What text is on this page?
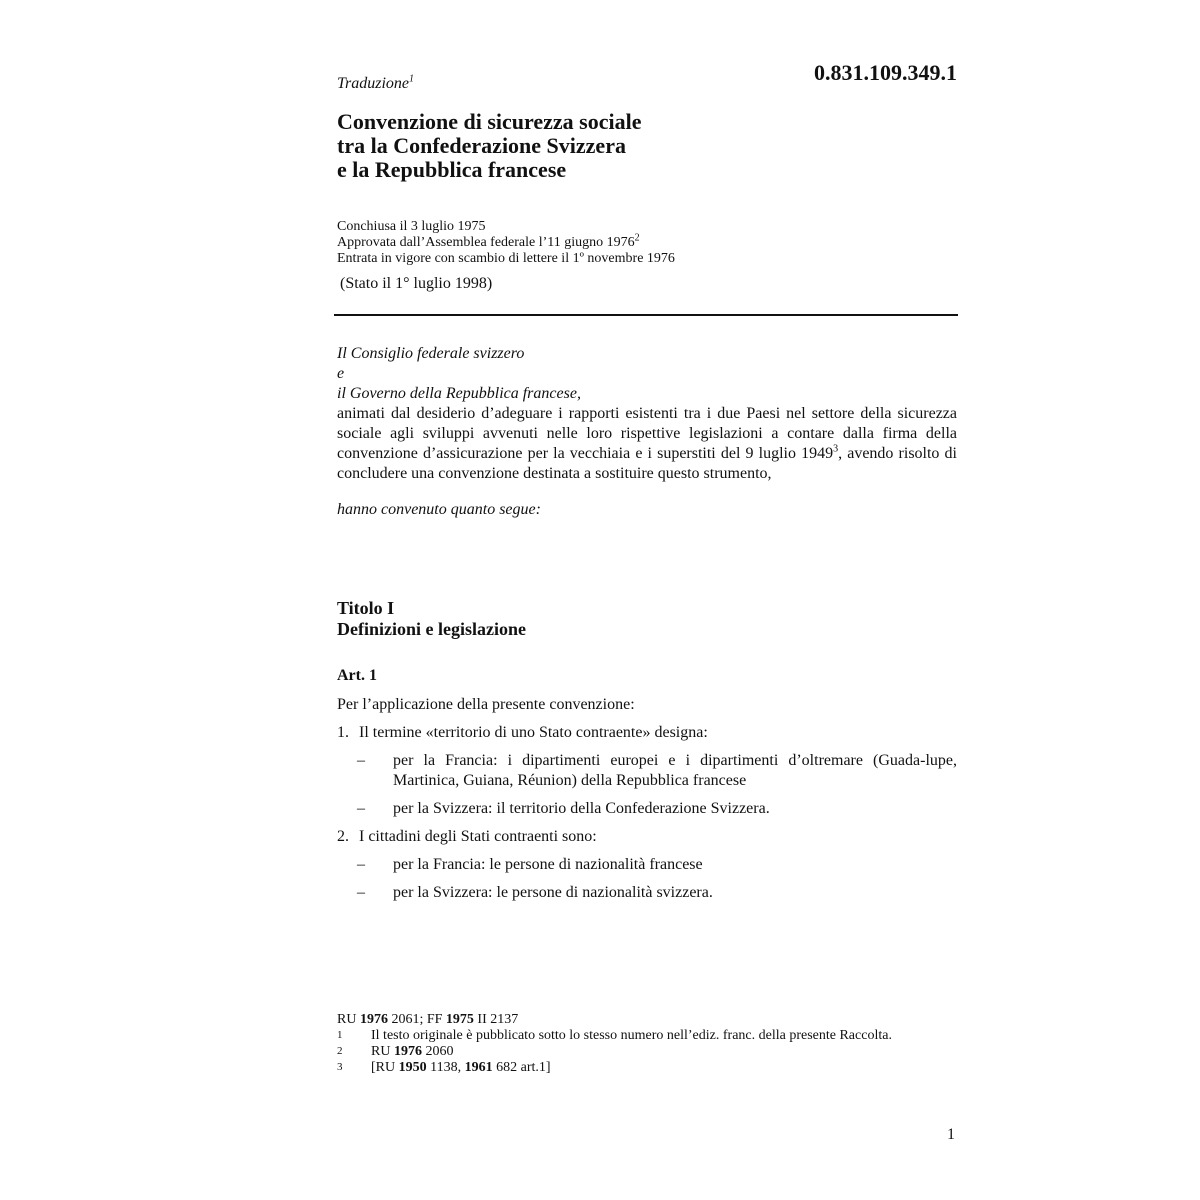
Traduzione$^1$	0.831.109.349.1
Convenzione di sicurezza sociale
tra la Confederazione Svizzera
e la Repubblica francese
Conchiusa il 3 luglio 1975
Approvata dall’Assemblea federale l’11 giugno 1976$^2$
Entrata in vigore con scambio di lettere il 1º novembre 1976
(Stato il 1° luglio 1998)
Il Consiglio federale svizzero
e
il Governo della Repubblica francese,

animati dal desiderio d’adeguare i rapporti esistenti tra i due Paesi nel settore della sicurezza sociale agli sviluppi avvenuti nelle loro rispettive legislazioni a contare dalla firma della convenzione d’assicurazione per la vecchiaia e i superstiti del 9 luglio 1949$^3$, avendo risolto di concludere una convenzione destinata a sostituire questo strumento,

hanno convenuto quanto segue:
Titolo I
Definizioni e legislazione
Art. 1
Per l’applicazione della presente convenzione:
1. Il termine «territorio di uno Stato contraente» designa:
–	per la Francia: i dipartimenti europei e i dipartimenti d’oltremare (Guada-lupe, Martinica, Guiana, Réunion) della Repubblica francese
–	per la Svizzera: il territorio della Confederazione Svizzera.
2. I cittadini degli Stati contraenti sono:
–	per la Francia: le persone di nazionalità francese
–	per la Svizzera: le persone di nazionalità svizzera.
RU 1976 2061; FF 1975 II 2137
1	Il testo originale è pubblicato sotto lo stesso numero nell’ediz. franc. della presente Raccolta.
2	RU 1976 2060
3	[RU 1950 1138, 1961 682 art.1]
1
